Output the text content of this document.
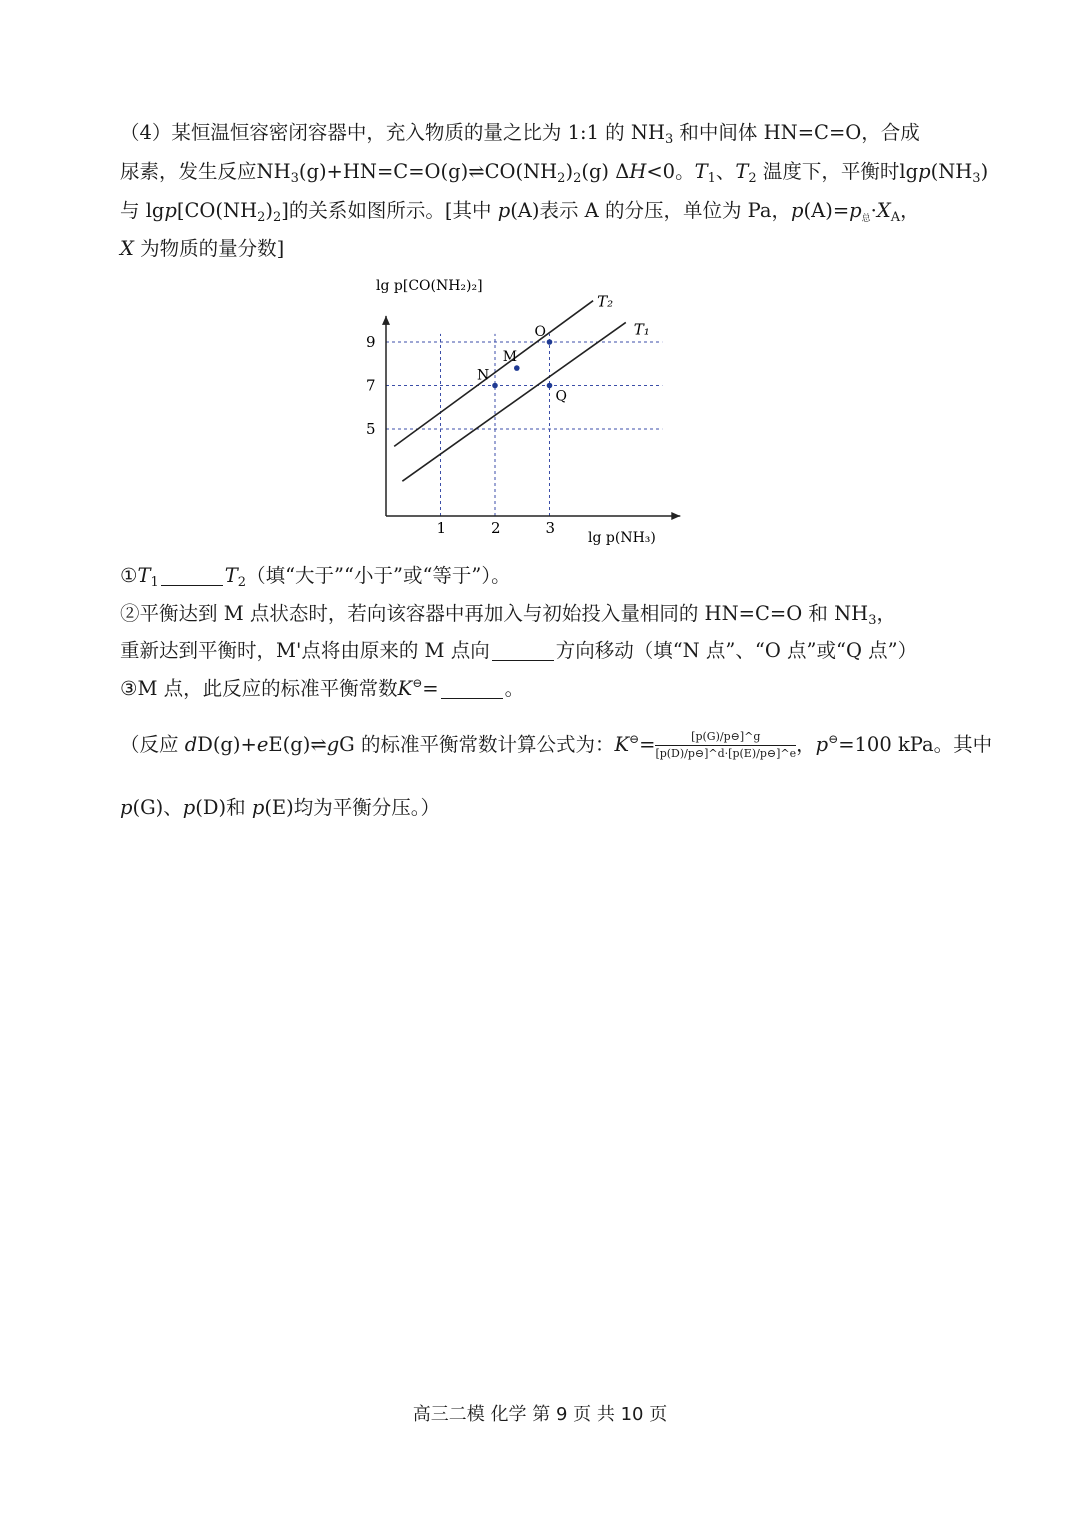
（4）某恒温恒容密闭容器中，充入物质的量之比为 1:1 的 $NH_3$ 和中间体 HN=C=O，合成
尿素，发生反应$NH_3(g)+HN=C=O(g)\rightleftharpoons CO(NH_2)_2(g)$ ΔH<0。$T_1$、$T_2$ 温度下，平衡时$\lg p(NH_3)$
与 $\lg p[CO(NH_2)_2]$的关系如图所示。[其中 p(A)表示 A 的分压，单位为 Pa，$p(A)=p_总\cdot X_A$，
X 为物质的量分数]
lg p[CO(NH₂)₂]
lg p(NH₃)
1	2	3
5
7
9
T₂
T₁
N
M
O
Q
$①T_1$	$T_2$（填“大于”“小于”或“等于”）。
②平衡达到 M 点状态时，若向该容器中再加入与初始投入量相同的 HN=C=O 和 $NH_3$，
重新达到平衡时，M'点将由原来的 M 点向	方向移动（填“N 点”、“O 点”或“Q 点”）
③M 点，此反应的标准平衡常数K⊖=	。
（反应 dD(g)+eE(g)⇌gG 的标准平衡常数计算公式为：$K^⊖= \frac{[p(G)/p⊖]\^{}g}{[p(D)/p⊖]\^{}d\cdot[p(E)/p⊖]\^{}e}$ ，p⊖=100 kPa。其中
p(G)、p(D)和 p(E)均为平衡分压。）
高三二模 化学 第 9 页 共 10 页
